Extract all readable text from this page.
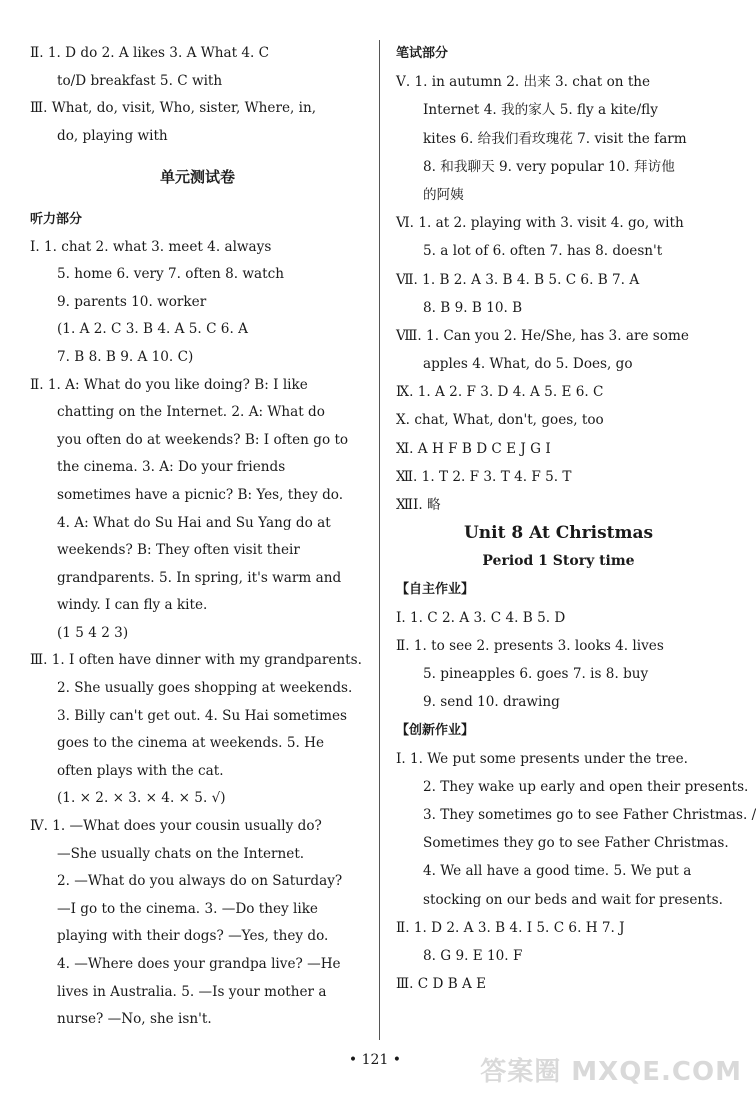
Ⅱ. 1. D do 2. A likes 3. A What 4. C
to/D breakfast 5. C with
Ⅲ. What, do, visit, Who, sister, Where, in,
do, playing with
单元测试卷
听力部分
Ⅰ. 1. chat 2. what 3. meet 4. always
5. home 6. very 7. often 8. watch
9. parents 10. worker
(1. A 2. C 3. B 4. A 5. C 6. A
7. B 8. B 9. A 10. C)
Ⅱ. 1. A: What do you like doing? B: I like
chatting on the Internet. 2. A: What do
you often do at weekends? B: I often go to
the cinema. 3. A: Do your friends
sometimes have a picnic? B: Yes, they do.
4. A: What do Su Hai and Su Yang do at
weekends? B: They often visit their
grandparents. 5. In spring, it's warm and
windy. I can fly a kite.
(1 5 4 2 3)
Ⅲ. 1. I often have dinner with my grandparents.
2. She usually goes shopping at weekends.
3. Billy can't get out. 4. Su Hai sometimes
goes to the cinema at weekends. 5. He
often plays with the cat.
(1. × 2. × 3. × 4. × 5. √)
Ⅳ. 1. —What does your cousin usually do?
—She usually chats on the Internet.
2. —What do you always do on Saturday?
—I go to the cinema. 3. —Do they like
playing with their dogs? —Yes, they do.
4. —Where does your grandpa live? —He
lives in Australia. 5. —Is your mother a
nurse? —No, she isn't.
笔试部分
Ⅴ. 1. in autumn 2. 出来 3. chat on the
Internet 4. 我的家人 5. fly a kite/fly
kites 6. 给我们看玫瑰花 7. visit the farm
8. 和我聊天 9. very popular 10. 拜访他
的阿姨
Ⅵ. 1. at 2. playing with 3. visit 4. go, with
5. a lot of 6. often 7. has 8. doesn't
Ⅶ. 1. B 2. A 3. B 4. B 5. C 6. B 7. A
8. B 9. B 10. B
Ⅷ. 1. Can you 2. He/She, has 3. are some
apples 4. What, do 5. Does, go
Ⅸ. 1. A 2. F 3. D 4. A 5. E 6. C
Ⅹ. chat, What, don't, goes, too
Ⅺ. A H F B D C E J G I
Ⅻ. 1. T 2. F 3. T 4. F 5. T
ⅫⅠ. 略
Unit 8 At Christmas
Period 1 Story time
【自主作业】
Ⅰ. 1. C 2. A 3. C 4. B 5. D
Ⅱ. 1. to see 2. presents 3. looks 4. lives
5. pineapples 6. goes 7. is 8. buy
9. send 10. drawing
【创新作业】
Ⅰ. 1. We put some presents under the tree.
2. They wake up early and open their presents.
3. They sometimes go to see Father Christmas. /
Sometimes they go to see Father Christmas.
4. We all have a good time. 5. We put a
stocking on our beds and wait for presents.
Ⅱ. 1. D 2. A 3. B 4. I 5. C 6. H 7. J
8. G 9. E 10. F
Ⅲ. C D B A E
• 121 •	答案圈 MXQE.COM
